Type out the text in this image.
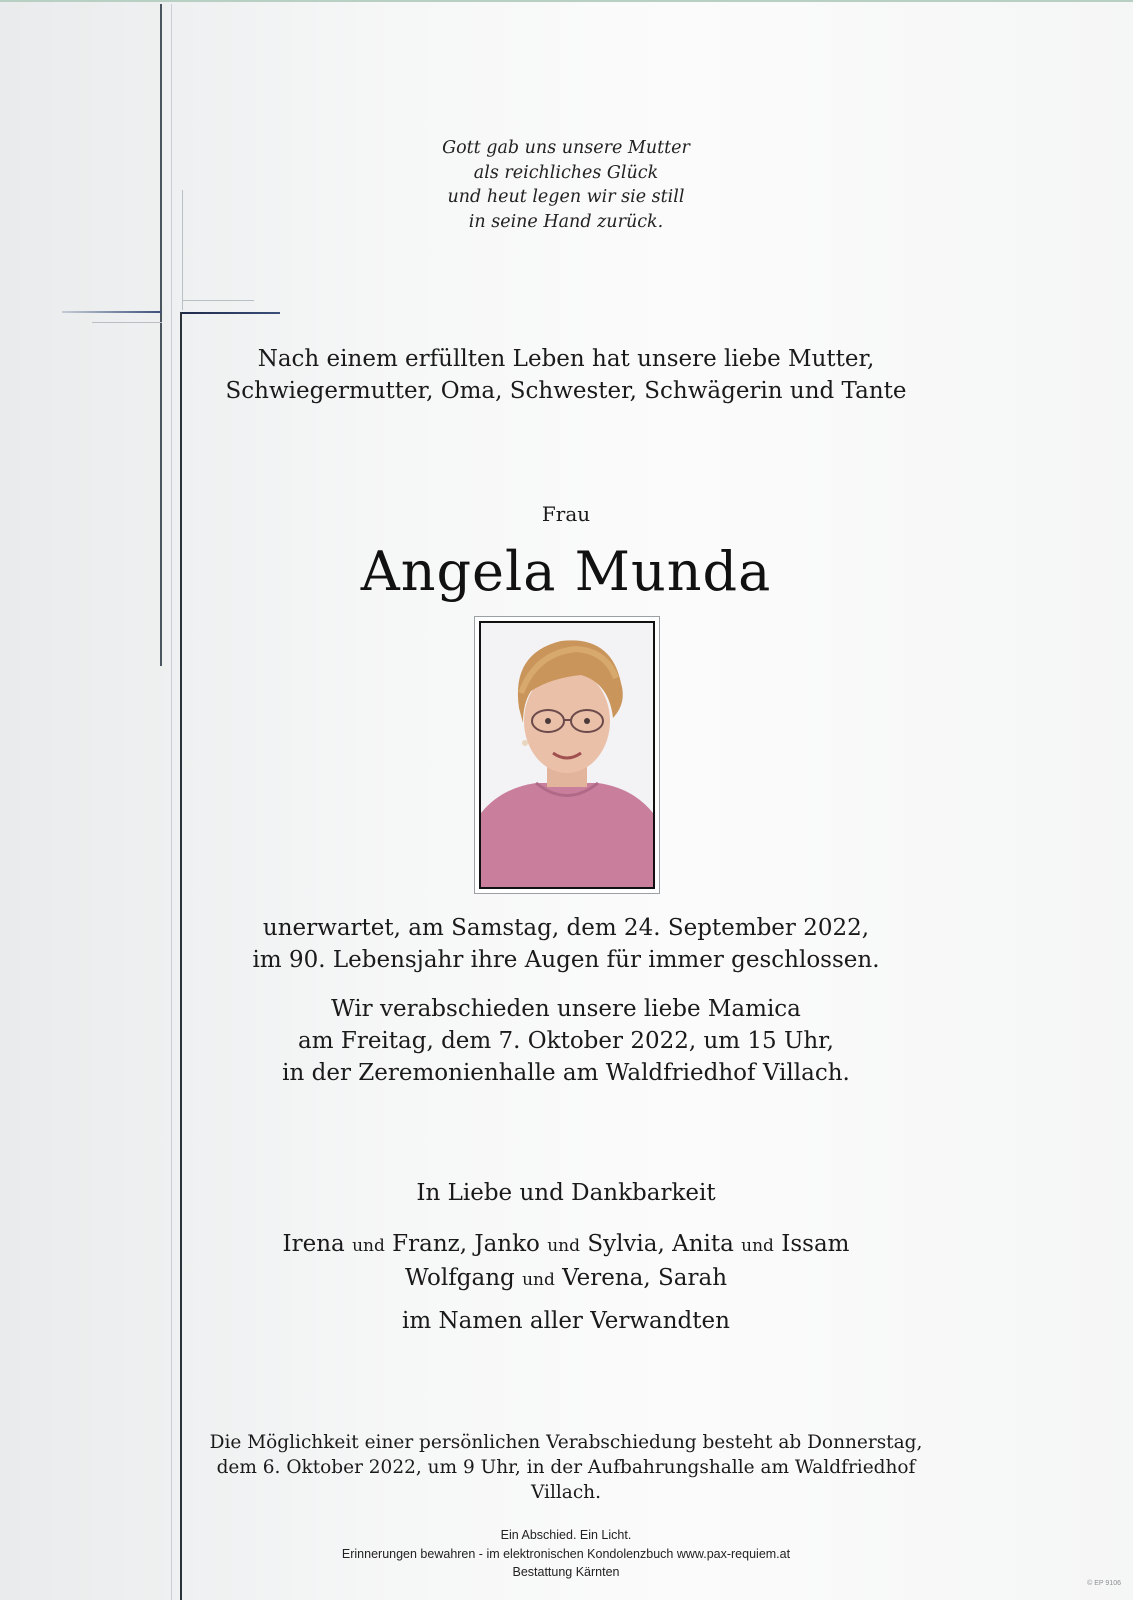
Gott gab uns unsere Mutter

als reichliches Glück

und heut legen wir sie still

in seine Hand zurück.

Nach einem erfüllten Leben hat unsere liebe Mutter,

Schwiegermutter, Oma, Schwester, Schwägerin und Tante

Frau
Angela Munda

unerwartet, am Samstag, dem 24. September 2022,

im 90. Lebensjahr ihre Augen für immer geschlossen.

Wir verabschieden unsere liebe Mamica

am Freitag, dem 7. Oktober 2022, um 15 Uhr,

in der Zeremonienhalle am Waldfriedhof Villach.

In Liebe und Dankbarkeit

Irena und Franz, Janko und Sylvia, Anita und Issam

Wolfgang und Verena, Sarah

im Namen aller Verwandten

Die Möglichkeit einer persönlichen Verabschiedung besteht ab Donnerstag,

dem 6. Oktober 2022, um 9 Uhr, in der Aufbahrungshalle am Waldfriedhof Villach.

Ein Abschied. Ein Licht.
Erinnerungen bewahren - im elektronischen Kondolenzbuch www.pax-requiem.at
Bestattung Kärnten
© EP 9106
